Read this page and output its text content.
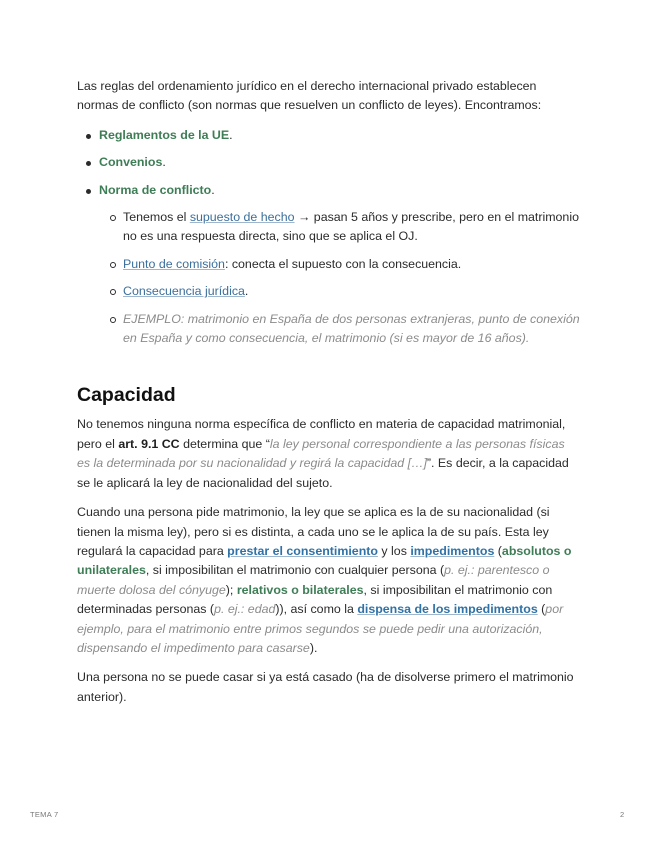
Las reglas del ordenamiento jurídico en el derecho internacional privado establecen normas de conflicto (son normas que resuelven un conflicto de leyes). Encontramos:

Reglamentos de la UE.
Convenios.
Norma de conflicto.
Tenemos el supuesto de hecho → pasan 5 años y prescribe, pero en el matrimonio no es una respuesta directa, sino que se aplica el OJ.
Punto de comisión: conecta el supuesto con la consecuencia.
Consecuencia jurídica.
EJEMPLO: matrimonio en España de dos personas extranjeras, punto de conexión en España y como consecuencia, el matrimonio (si es mayor de 16 años).
Capacidad

No tenemos ninguna norma específica de conflicto en materia de capacidad matrimonial, pero el art. 9.1 CC determina que “la ley personal correspondiente a las personas físicas es la determinada por su nacionalidad y regirá la capacidad […]”. Es decir, a la capacidad se le aplicará la ley de nacionalidad del sujeto.

Cuando una persona pide matrimonio, la ley que se aplica es la de su nacionalidad (si tienen la misma ley), pero si es distinta, a cada uno se le aplica la de su país. Esta ley regulará la capacidad para prestar el consentimiento y los impedimentos (absolutos o unilaterales, si imposibilitan el matrimonio con cualquier persona (p. ej.: parentesco o muerte dolosa del cónyuge); relativos o bilaterales, si imposibilitan el matrimonio con determinadas personas (p. ej.: edad)), así como la dispensa de los impedimentos (por ejemplo, para el matrimonio entre primos segundos se puede pedir una autorización, dispensando el impedimento para casarse).

Una persona no se puede casar si ya está casado (ha de disolverse primero el matrimonio anterior).

TEMA 7	2
